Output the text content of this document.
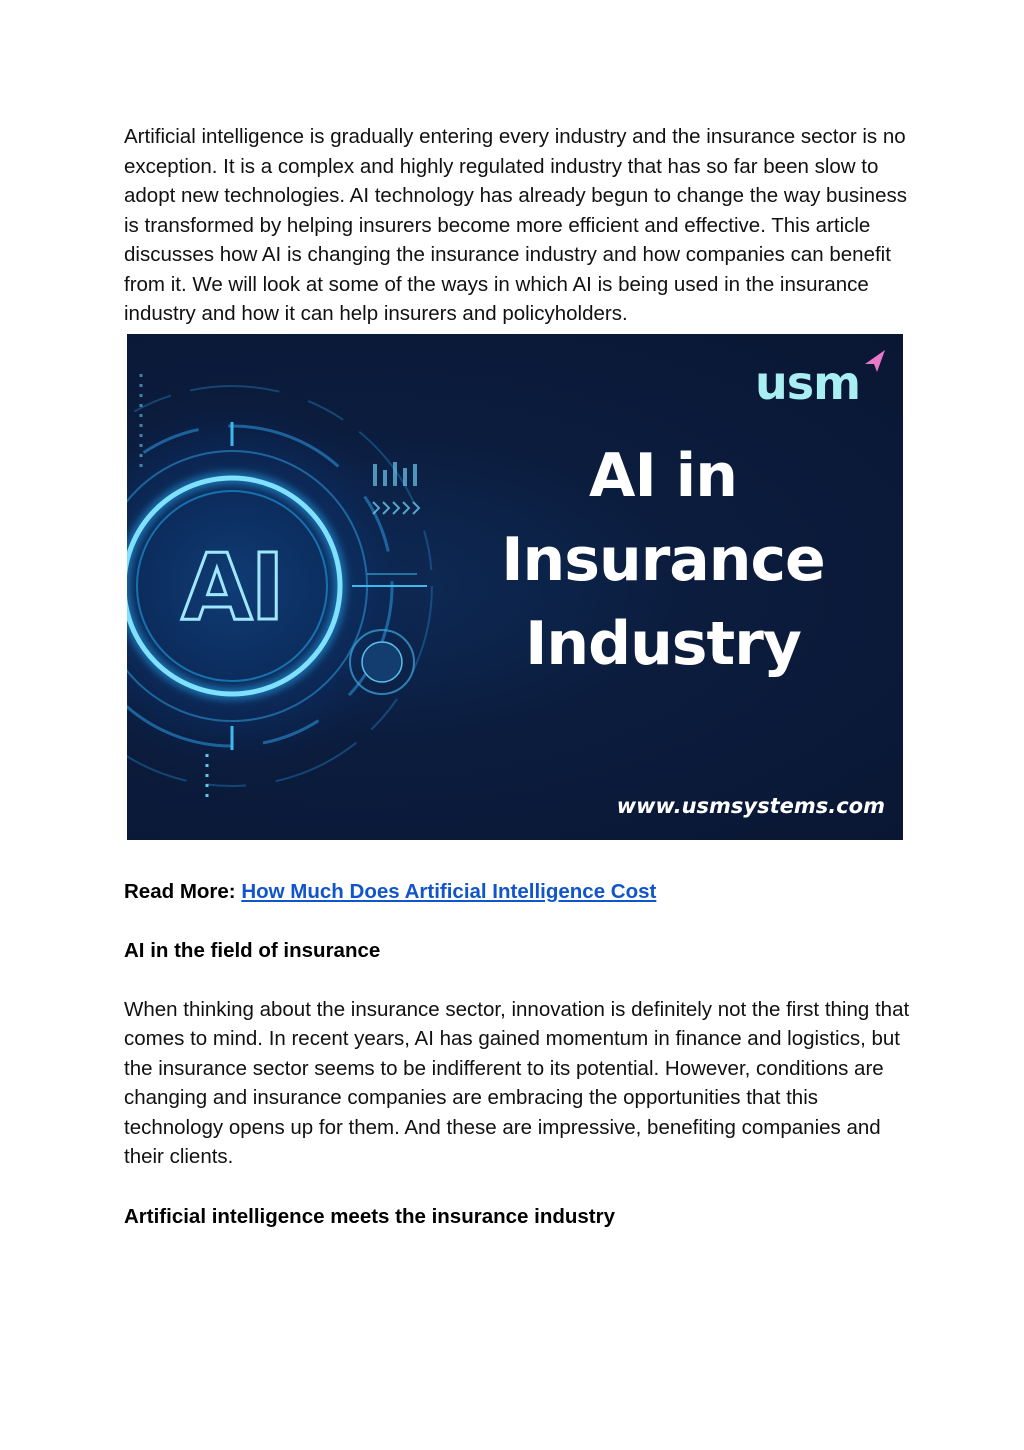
Artificial intelligence is gradually entering every industry and the insurance sector is no exception. It is a complex and highly regulated industry that has so far been slow to adopt new technologies. AI technology has already begun to change the way business is transformed by helping insurers become more efficient and effective. This article discusses how AI is changing the insurance industry and how companies can benefit from it. We will look at some of the ways in which AI is being used in the insurance industry and how it can help insurers and policyholders.

AI
usm
AI in
Insurance
Industry
www.usmsystems.com
Read More: How Much Does Artificial Intelligence Cost
AI in the field of insurance

When thinking about the insurance sector, innovation is definitely not the first thing that comes to mind. In recent years, AI has gained momentum in finance and logistics, but the insurance sector seems to be indifferent to its potential. However, conditions are changing and insurance companies are embracing the opportunities that this technology opens up for them. And these are impressive, benefiting companies and their clients.

Artificial intelligence meets the insurance industry
